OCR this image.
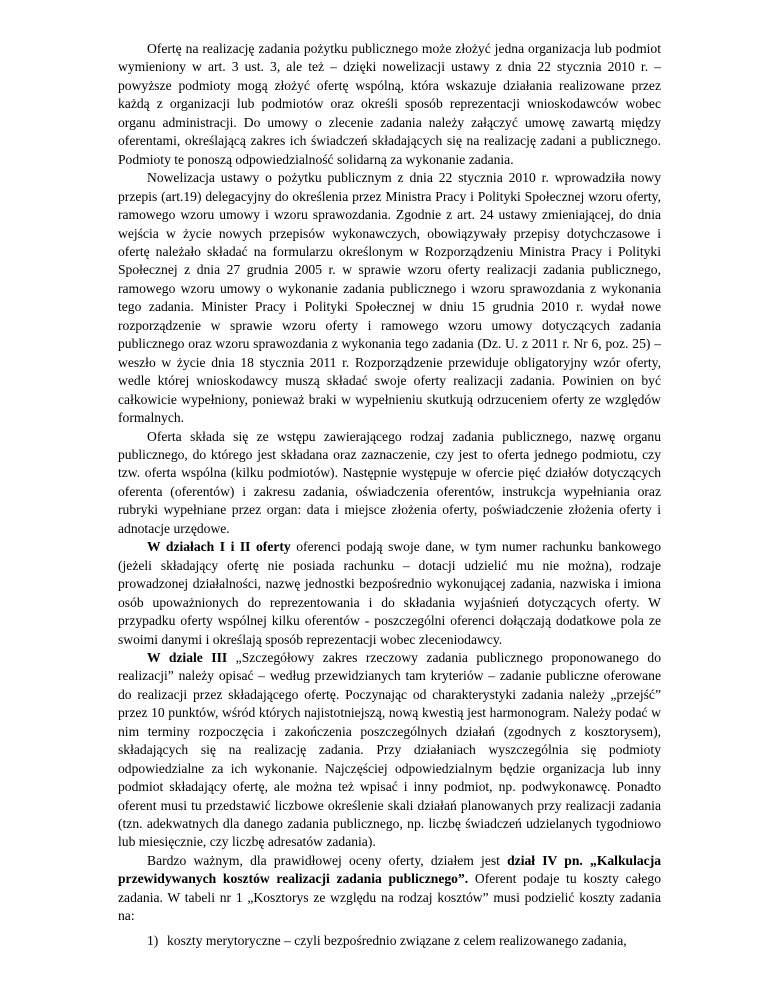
Ofertę na realizację zadania pożytku publicznego może złożyć jedna organizacja lub podmiot wymieniony w art. 3 ust. 3, ale też – dzięki nowelizacji ustawy z dnia 22 stycznia 2010 r. – powyższe podmioty mogą złożyć ofertę wspólną, która wskazuje działania realizowane przez każdą z organizacji lub podmiotów oraz określi sposób reprezentacji wnioskodawców wobec organu administracji. Do umowy o zlecenie zadania należy załączyć umowę zawartą między oferentami, określającą zakres ich świadczeń składających się na realizację zadani a publicznego. Podmioty te ponoszą odpowiedzialność solidarną za wykonanie zadania.

Nowelizacja ustawy o pożytku publicznym z dnia 22 stycznia 2010 r. wprowadziła nowy przepis (art.19) delegacyjny do określenia przez Ministra Pracy i Polityki Społecznej wzoru oferty, ramowego wzoru umowy i wzoru sprawozdania. Zgodnie z art. 24 ustawy zmieniającej, do dnia wejścia w życie nowych przepisów wykonawczych, obowiązywały przepisy dotychczasowe i ofertę należało składać na formularzu określonym w Rozporządzeniu Ministra Pracy i Polityki Społecznej z dnia 27 grudnia 2005 r. w sprawie wzoru oferty realizacji zadania publicznego, ramowego wzoru umowy o wykonanie zadania publicznego i wzoru sprawozdania z wykonania tego zadania. Minister Pracy i Polityki Społecznej w dniu 15 grudnia 2010 r. wydał nowe rozporządzenie w sprawie wzoru oferty i ramowego wzoru umowy dotyczących zadania publicznego oraz wzoru sprawozdania z wykonania tego zadania (Dz. U. z 2011 r. Nr 6, poz. 25) – weszło w życie dnia 18 stycznia 2011 r. Rozporządzenie przewiduje obligatoryjny wzór oferty, wedle której wnioskodawcy muszą składać swoje oferty realizacji zadania. Powinien on być całkowicie wypełniony, ponieważ braki w wypełnieniu skutkują odrzuceniem oferty ze względów formalnych.

Oferta składa się ze wstępu zawierającego rodzaj zadania publicznego, nazwę organu publicznego, do którego jest składana oraz zaznaczenie, czy jest to oferta jednego podmiotu, czy tzw. oferta wspólna (kilku podmiotów). Następnie występuje w ofercie pięć działów dotyczących oferenta (oferentów) i zakresu zadania, oświadczenia oferentów, instrukcja wypełniania oraz rubryki wypełniane przez organ: data i miejsce złożenia oferty, poświadczenie złożenia oferty i adnotacje urzędowe.

W działach I i II oferty oferenci podają swoje dane, w tym numer rachunku bankowego (jeżeli składający ofertę nie posiada rachunku – dotacji udzielić mu nie można), rodzaje prowadzonej działalności, nazwę jednostki bezpośrednio wykonującej zadania, nazwiska i imiona osób upoważnionych do reprezentowania i do składania wyjaśnień dotyczących oferty. W przypadku oferty wspólnej kilku oferentów - poszczególni oferenci dołączają dodatkowe pola ze swoimi danymi i określają sposób reprezentacji wobec zleceniodawcy.

W dziale III „Szczegółowy zakres rzeczowy zadania publicznego proponowanego do realizacji” należy opisać – według przewidzianych tam kryteriów – zadanie publiczne oferowane do realizacji przez składającego ofertę. Poczynając od charakterystyki zadania należy „przejść” przez 10 punktów, wśród których najistotniejszą, nową kwestią jest harmonogram. Należy podać w nim terminy rozpoczęcia i zakończenia poszczególnych działań (zgodnych z kosztorysem), składających się na realizację zadania. Przy działaniach wyszczególnia się podmioty odpowiedzialne za ich wykonanie. Najczęściej odpowiedzialnym będzie organizacja lub inny podmiot składający ofertę, ale można też wpisać i inny podmiot, np. podwykonawcę. Ponadto oferent musi tu przedstawić liczbowe określenie skali działań planowanych przy realizacji zadania (tzn. adekwatnych dla danego zadania publicznego, np. liczbę świadczeń udzielanych tygodniowo lub miesięcznie, czy liczbę adresatów zadania).

Bardzo ważnym, dla prawidłowej oceny oferty, działem jest dział IV pn. „Kalkulacja przewidywanych kosztów realizacji zadania publicznego”. Oferent podaje tu koszty całego zadania. W tabeli nr 1 „Kosztorys ze względu na rodzaj kosztów” musi podzielić koszty zadania na:

1) koszty merytoryczne – czyli bezpośrednio związane z celem realizowanego zadania,
